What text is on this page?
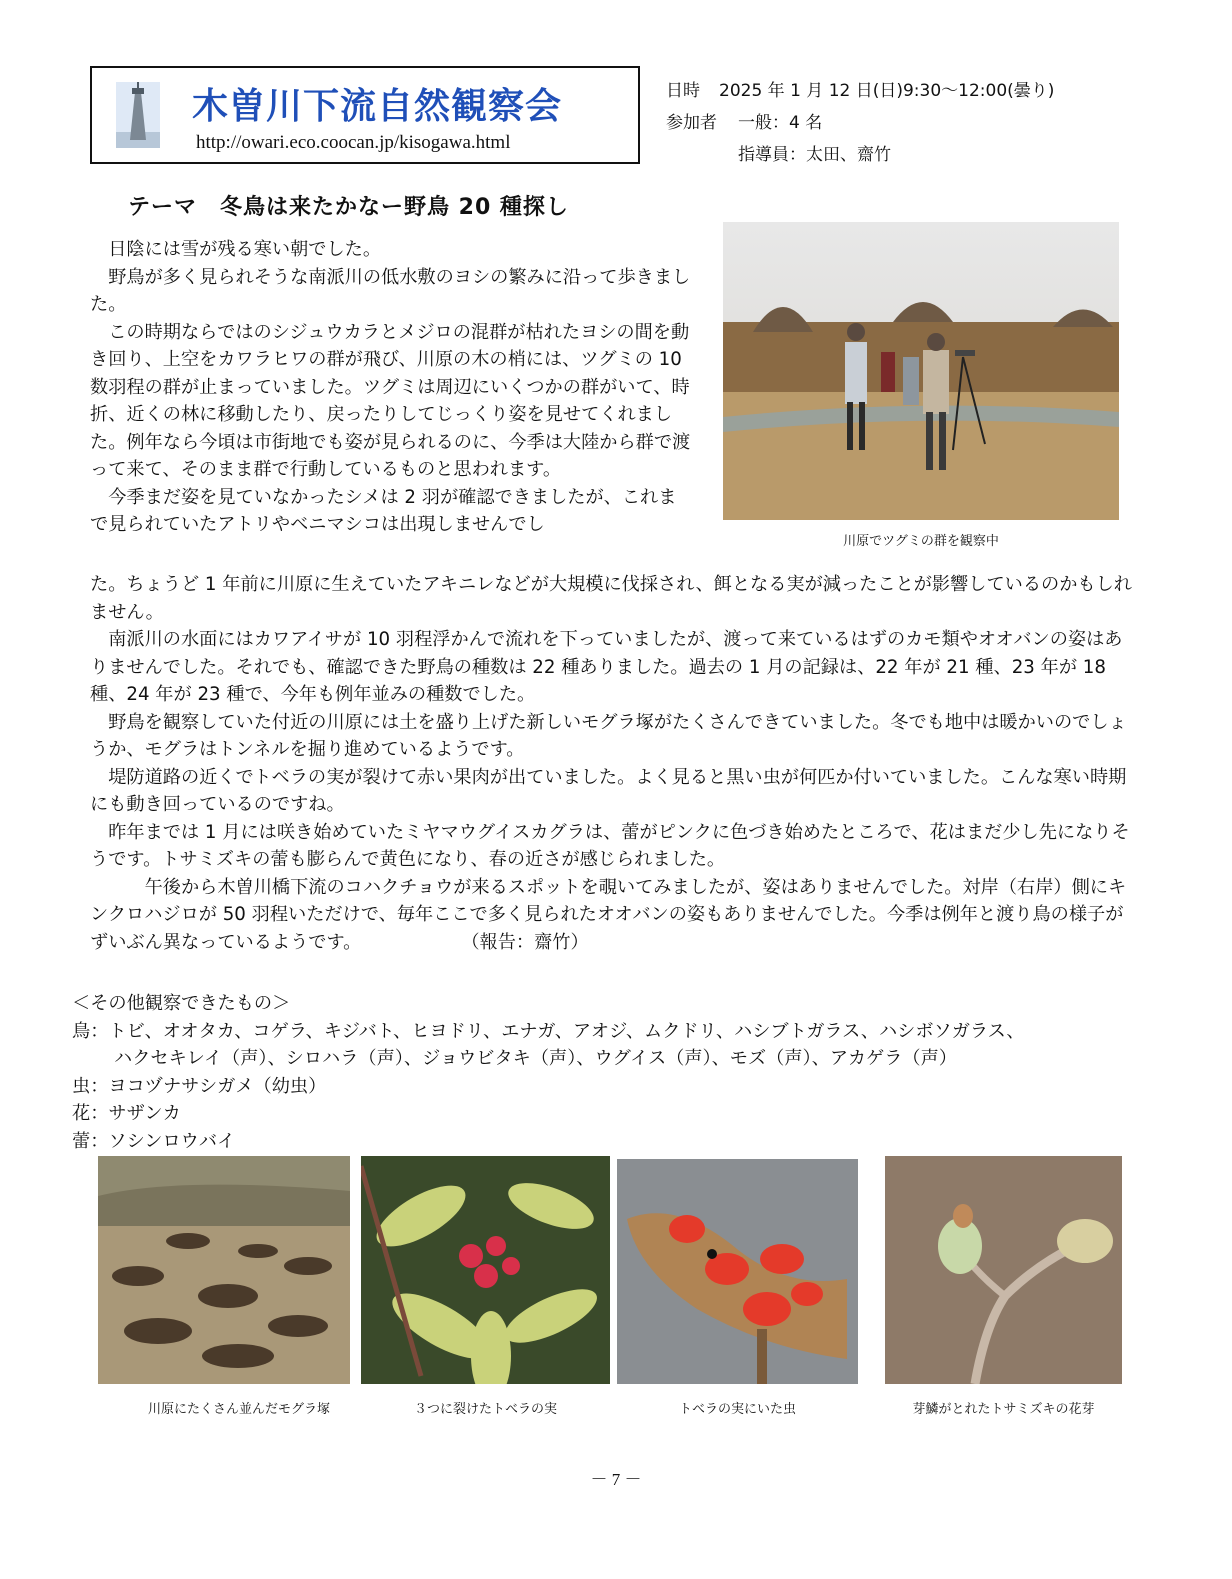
木曽川下流自然観察会
http://owari.eco.coocan.jp/kisogawa.html
日時 2025 年 1 月 12 日(日)9:30～12:00(曇り)
参加者 一般：4 名
指導員：太田、齋竹
テーマ　冬鳥は来たかなー野鳥 20 種探し
川原でツグミの群を観察中

日陰には雪が残る寒い朝でした。

野鳥が多く見られそうな南派川の低水敷のヨシの繁みに沿って歩きました。

この時期ならではのシジュウカラとメジロの混群が枯れたヨシの間を動き回り、上空をカワラヒワの群が飛び、川原の木の梢には、ツグミの 10 数羽程の群が止まっていました。ツグミは周辺にいくつかの群がいて、時折、近くの林に移動したり、戻ったりしてじっくり姿を見せてくれました。例年なら今頃は市街地でも姿が見られるのに、今季は大陸から群で渡って来て、そのまま群で行動しているものと思われます。

今季まだ姿を見ていなかったシメは 2 羽が確認できましたが、これまで見られていたアトリやベニマシコは出現しませんでし

た。ちょうど 1 年前に川原に生えていたアキニレなどが大規模に伐採され、餌となる実が減ったことが影響しているのかもしれません。

南派川の水面にはカワアイサが 10 羽程浮かんで流れを下っていましたが、渡って来ているはずのカモ類やオオバンの姿はありませんでした。それでも、確認できた野鳥の種数は 22 種ありました。過去の 1 月の記録は、22 年が 21 種、23 年が 18 種、24 年が 23 種で、今年も例年並みの種数でした。

野鳥を観察していた付近の川原には土を盛り上げた新しいモグラ塚がたくさんできていました。冬でも地中は暖かいのでしょうか、モグラはトンネルを掘り進めているようです。

堤防道路の近くでトベラの実が裂けて赤い果肉が出ていました。よく見ると黒い虫が何匹か付いていました。こんな寒い時期にも動き回っているのですね。

昨年までは 1 月には咲き始めていたミヤマウグイスカグラは、蕾がピンクに色づき始めたところで、花はまだ少し先になりそうです。トサミズキの蕾も膨らんで黄色になり、春の近さが感じられました。

午後から木曽川橋下流のコハクチョウが来るスポットを覗いてみましたが、姿はありませんでした。対岸（右岸）側にキンクロハジロが 50 羽程いただけで、毎年ここで多く見られたオオバンの姿もありませんでした。今季は例年と渡り鳥の様子がずいぶん異なっているようです。	（報告：齋竹）

＜その他観察できたもの＞
鳥：トビ、オオタカ、コゲラ、キジバト、ヒヨドリ、エナガ、アオジ、ムクドリ、ハシブトガラス、ハシボソガラス、
ハクセキレイ（声）、シロハラ（声）、ジョウビタキ（声）、ウグイス（声）、モズ（声）、アカゲラ（声）
虫：ヨコヅナサシガメ（幼虫）
花：サザンカ
蕾：ソシンロウバイ
川原にたくさん並んだモグラ塚	３つに裂けたトベラの実	トベラの実にいた虫	芽鱗がとれたトサミズキの花芽
－ 7 －
